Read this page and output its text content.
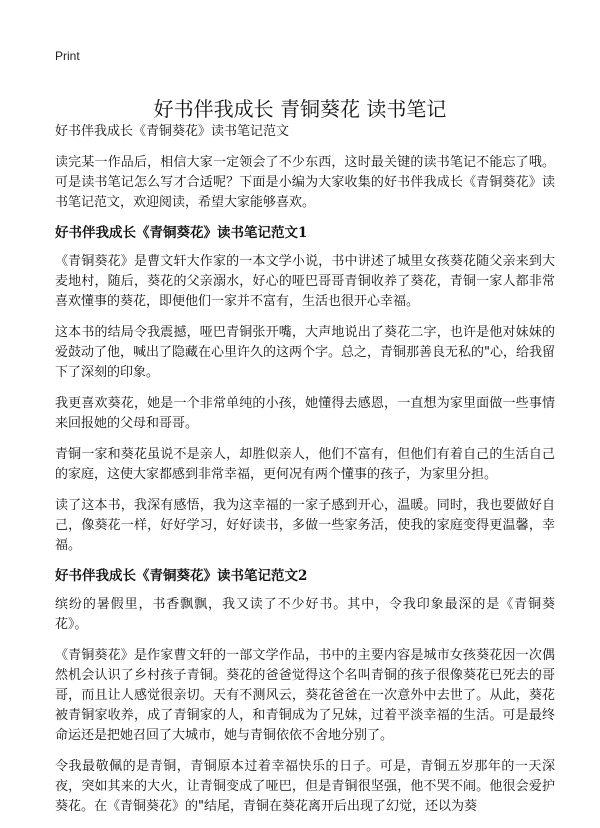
Print
好书伴我成长 青铜葵花 读书笔记
好书伴我成长《青铜葵花》读书笔记范文

读完某一作品后，相信大家一定领会了不少东西，这时最关键的读书笔记不能忘了哦。可是读书笔记怎么写才合适呢？下面是小编为大家收集的好书伴我成长《青铜葵花》读书笔记范文，欢迎阅读，希望大家能够喜欢。

好书伴我成长《青铜葵花》读书笔记范文1

《青铜葵花》是曹文轩大作家的一本文学小说，书中讲述了城里女孩葵花随父亲来到大麦地村，随后，葵花的父亲溺水，好心的哑巴哥哥青铜收养了葵花，青铜一家人都非常喜欢懂事的葵花，即便他们一家并不富有，生活也很开心幸福。

这本书的结局令我震撼，哑巴青铜张开嘴，大声地说出了葵花二字，也许是他对妹妹的爱鼓动了他，喊出了隐藏在心里许久的这两个字。总之，青铜那善良无私的"心，给我留下了深刻的印象。

我更喜欢葵花，她是一个非常单纯的小孩，她懂得去感恩，一直想为家里面做一些事情来回报她的父母和哥哥。

青铜一家和葵花虽说不是亲人，却胜似亲人，他们不富有，但他们有着自己的生活自己的家庭，这使大家都感到非常幸福，更何况有两个懂事的孩子，为家里分担。

读了这本书，我深有感悟，我为这幸福的一家子感到开心，温暖。同时，我也要做好自己，像葵花一样，好好学习，好好读书，多做一些家务活，使我的家庭变得更温馨，幸福。

好书伴我成长《青铜葵花》读书笔记范文2

缤纷的暑假里，书香飘飘，我又读了不少好书。其中，令我印象最深的是《青铜葵花》。

《青铜葵花》是作家曹文轩的一部文学作品，书中的主要内容是城市女孩葵花因一次偶然机会认识了乡村孩子青铜。葵花的爸爸觉得这个名叫青铜的孩子很像葵花已死去的哥哥，而且让人感觉很亲切。天有不测风云，葵花爸爸在一次意外中去世了。从此，葵花被青铜家收养，成了青铜家的人，和青铜成为了兄妹，过着平淡幸福的生活。可是最终命运还是把她召回了大城市，她与青铜依依不舍地分别了。

令我最敬佩的是青铜，青铜原本过着幸福快乐的日子。可是，青铜五岁那年的一天深夜，突如其来的大火，让青铜变成了哑巴，但是青铜很坚强，他不哭不闹。他很会爱护葵花。在《青铜葵花》的"结尾，青铜在葵花离开后出现了幻觉，还以为葵
